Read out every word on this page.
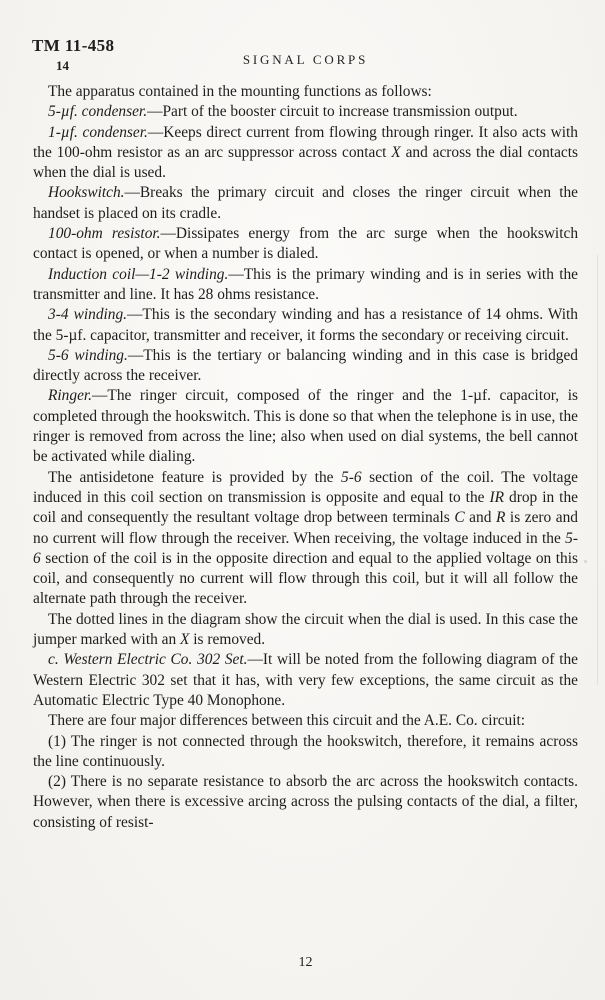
TM 11-458
14	SIGNAL CORPS

The apparatus contained in the mounting functions as follows:

5-µf. condenser.—Part of the booster circuit to increase transmission output.

1-µf. condenser.—Keeps direct current from flowing through ringer. It also acts with the 100-ohm resistor as an arc suppressor across contact X and across the dial contacts when the dial is used.

Hookswitch.—Breaks the primary circuit and closes the ringer circuit when the handset is placed on its cradle.

100-ohm resistor.—Dissipates energy from the arc surge when the hookswitch contact is opened, or when a number is dialed.

Induction coil—1-2 winding.—This is the primary winding and is in series with the transmitter and line. It has 28 ohms resistance.

3-4 winding.—This is the secondary winding and has a resistance of 14 ohms. With the 5-µf. capacitor, transmitter and receiver, it forms the secondary or receiving circuit.

5-6 winding.—This is the tertiary or balancing winding and in this case is bridged directly across the receiver.

Ringer.—The ringer circuit, composed of the ringer and the 1-µf. capacitor, is completed through the hookswitch. This is done so that when the telephone is in use, the ringer is removed from across the line; also when used on dial systems, the bell cannot be activated while dialing.

The antisidetone feature is provided by the 5-6 section of the coil. The voltage induced in this coil section on transmission is opposite and equal to the IR drop in the coil and consequently the resultant voltage drop between terminals C and R is zero and no current will flow through the receiver. When receiving, the voltage induced in the 5-6 section of the coil is in the opposite direction and equal to the applied voltage on this coil, and consequently no current will flow through this coil, but it will all follow the alternate path through the receiver.

The dotted lines in the diagram show the circuit when the dial is used. In this case the jumper marked with an X is removed.

c. Western Electric Co. 302 Set.—It will be noted from the following diagram of the Western Electric 302 set that it has, with very few exceptions, the same circuit as the Automatic Electric Type 40 Monophone.

There are four major differences between this circuit and the A.E. Co. circuit:

(1) The ringer is not connected through the hookswitch, therefore, it remains across the line continuously.

(2) There is no separate resistance to absorb the arc across the hookswitch contacts. However, when there is excessive arcing across the pulsing contacts of the dial, a filter, consisting of resist-

12
